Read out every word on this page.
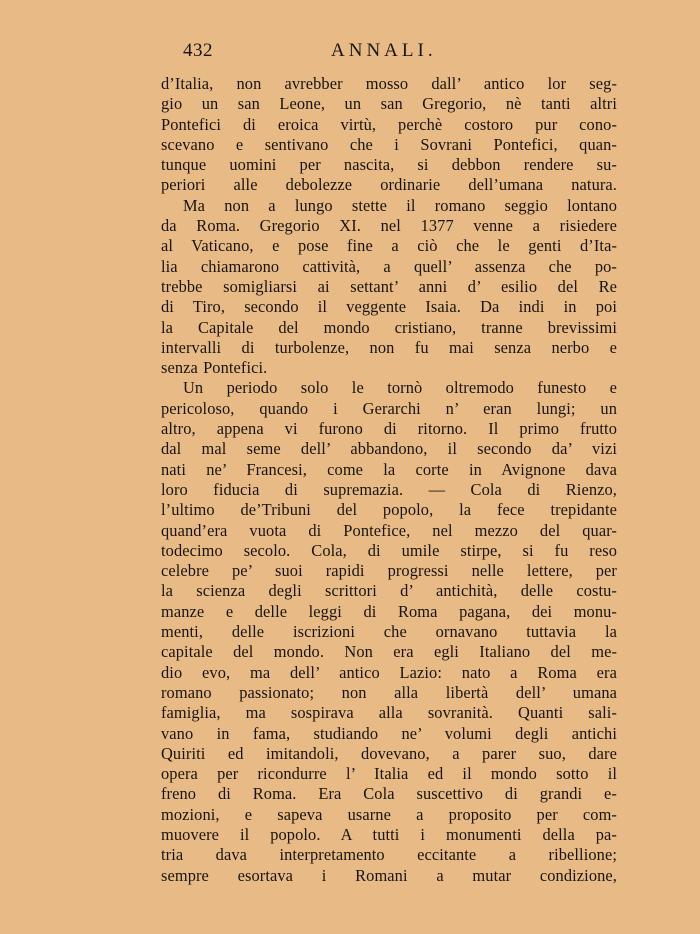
432	ANNALI.
d’Italia, non avrebber mosso dall’ antico lor seg-
gio un san Leone, un san Gregorio, nè tanti altri
Pontefici di eroica virtù, perchè costoro pur cono-
scevano e sentivano che i Sovrani Pontefici, quan-
tunque uomini per nascita, si debbon rendere su-
periori alle debolezze ordinarie dell’umana natura.
Ma non a lungo stette il romano seggio lontano
da Roma. Gregorio XI. nel 1377 venne a risiedere
al Vaticano, e pose fine a ciò che le genti d’Ita-
lia chiamarono cattività, a quell’ assenza che po-
trebbe somigliarsi ai settant’ anni d’ esilio del Re
di Tiro, secondo il veggente Isaia. Da indi in poi
la Capitale del mondo cristiano, tranne brevissimi
intervalli di turbolenze, non fu mai senza nerbo e
senza Pontefici.
Un periodo solo le tornò oltremodo funesto e
pericoloso, quando i Gerarchi n’ eran lungi; un
altro, appena vi furono di ritorno. Il primo frutto
dal mal seme dell’ abbandono, il secondo da’ vizi
nati ne’ Francesi, come la corte in Avignone dava
loro fiducia di supremazia. — Cola di Rienzo,
l’ultimo de’Tribuni del popolo, la fece trepidante
quand’era vuota di Pontefice, nel mezzo del quar-
todecimo secolo. Cola, di umile stirpe, si fu reso
celebre pe’ suoi rapidi progressi nelle lettere, per
la scienza degli scrittori d’ antichità, delle costu-
manze e delle leggi di Roma pagana, dei monu-
menti, delle iscrizioni che ornavano tuttavia la
capitale del mondo. Non era egli Italiano del me-
dio evo, ma dell’ antico Lazio: nato a Roma era
romano passionato; non alla libertà dell’ umana
famiglia, ma sospirava alla sovranità. Quanti sali-
vano in fama, studiando ne’ volumi degli antichi
Quiriti ed imitandoli, dovevano, a parer suo, dare
opera per ricondurre l’ Italia ed il mondo sotto il
freno di Roma. Era Cola suscettivo di grandi e-
mozioni, e sapeva usarne a proposito per com-
muovere il popolo. A tutti i monumenti della pa-
tria dava interpretamento eccitante a ribellione;
sempre esortava i Romani a mutar condizione,
